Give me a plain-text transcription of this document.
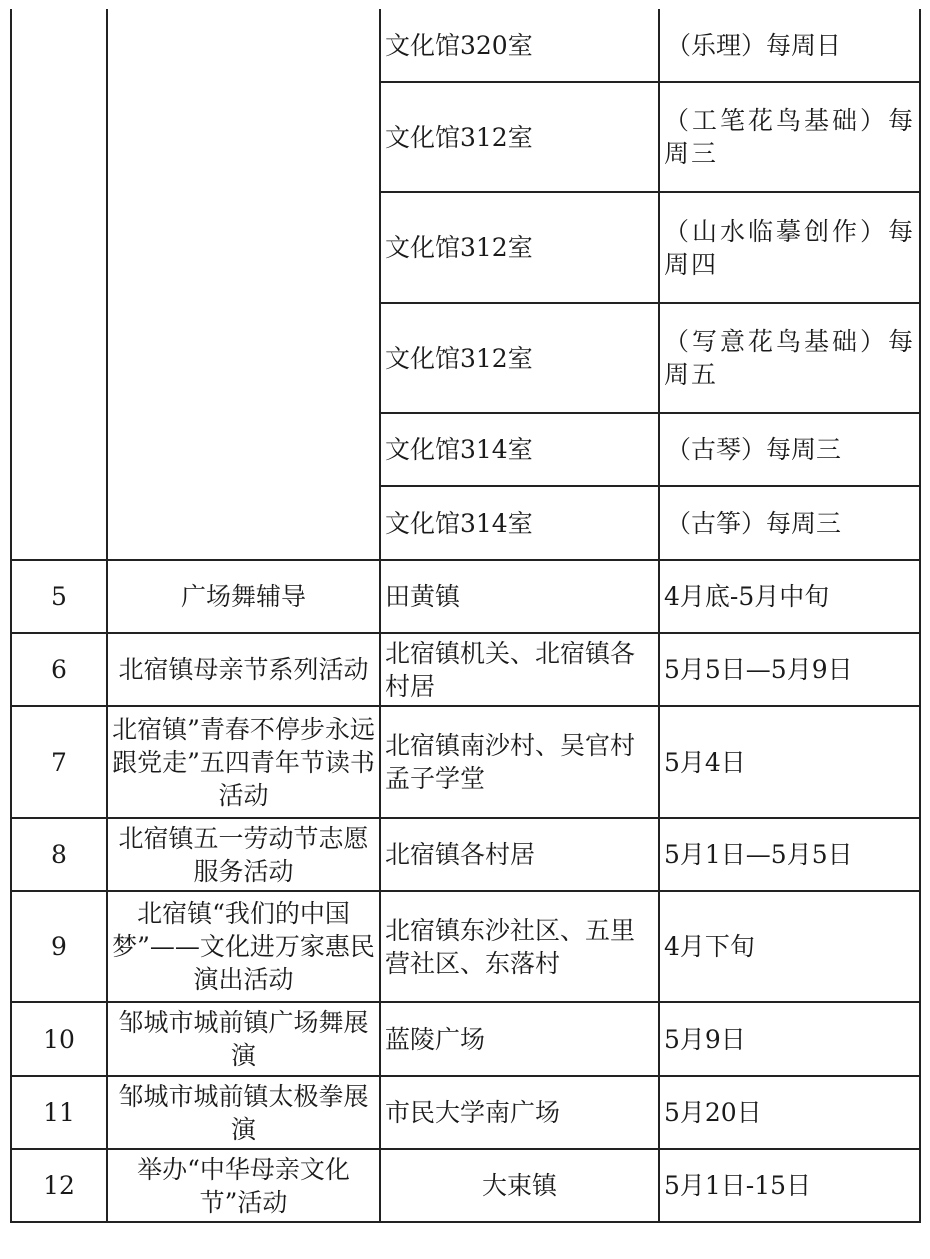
		文化馆320室	（乐理）每周日
		文化馆312室	（工笔花鸟基础）每周三
		文化馆312室	（山水临摹创作）每周四
		文化馆312室	（写意花鸟基础）每周五
		文化馆314室	（古琴）每周三
		文化馆314室	（古筝）每周三
5	广场舞辅导	田黄镇	4月底-5月中旬
6	北宿镇母亲节系列活动	北宿镇机关、北宿镇各村居	5月5日—5月9日
7	北宿镇”青春不停步永远跟党走”五四青年节读书活动	北宿镇南沙村、吴官村孟子学堂	5月4日
8	北宿镇五一劳动节志愿服务活动	北宿镇各村居	5月1日—5月5日
9	北宿镇“我们的中国梦”——文化进万家惠民演出活动	北宿镇东沙社区、五里营社区、东落村	4月下旬
10	邹城市城前镇广场舞展演	蓝陵广场	5月9日
11	邹城市城前镇太极拳展演	市民大学南广场	5月20日
12	举办“中华母亲文化节”活动	大束镇	5月1日-15日
